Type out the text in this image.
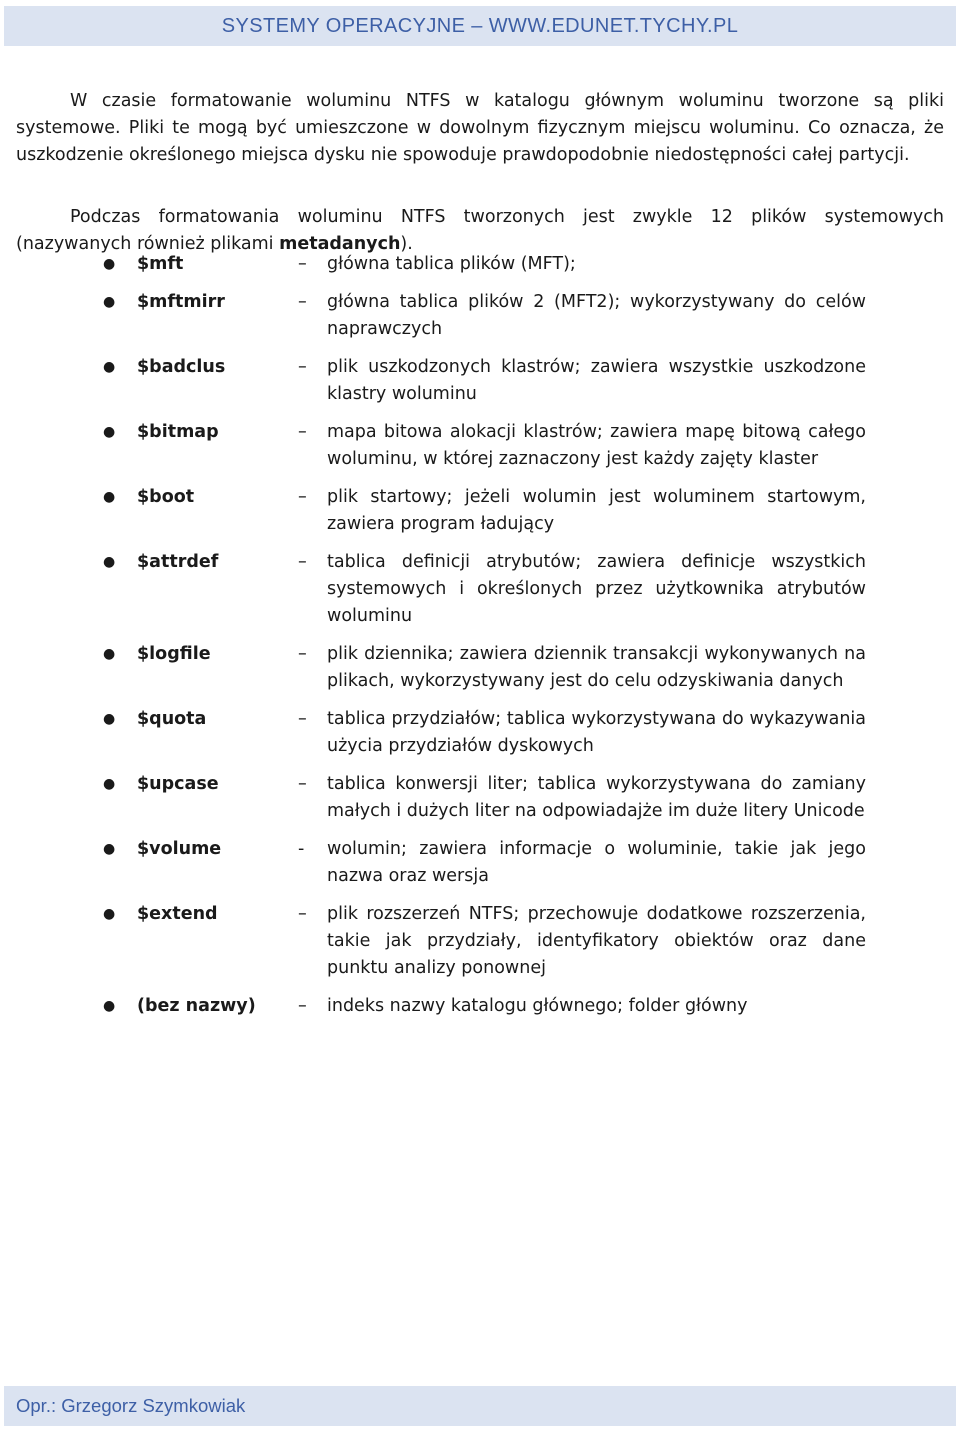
SYSTEMY OPERACYJNE – WWW.EDUNET.TYCHY.PL

W czasie formatowanie woluminu NTFS w katalogu głównym woluminu tworzone są pliki systemowe. Pliki te mogą być umieszczone w dowolnym fizycznym miejscu woluminu. Co oznacza, że uszkodzenie określonego miejsca dysku nie spowoduje prawdopodobnie niedostępności całej partycji.

Podczas formatowania woluminu NTFS tworzonych jest zwykle 12 plików systemowych (nazywanych również plikami metadanych).

● $mft	– główna tablica plików (MFT);
● $mftmirr	– główna tablica plików 2 (MFT2); wykorzystywany do celów naprawczych
● $badclus	– plik uszkodzonych klastrów; zawiera wszystkie uszkodzone klastry woluminu
● $bitmap	– mapa bitowa alokacji klastrów; zawiera mapę bitową całego woluminu, w której zaznaczony jest każdy zajęty klaster
● $boot	– plik startowy; jeżeli wolumin jest woluminem startowym, zawiera program ładujący
● $attrdef	– tablica definicji atrybutów; zawiera definicje wszystkich systemowych i określonych przez użytkownika atrybutów woluminu
● $logfile	– plik dziennika; zawiera dziennik transakcji wykonywanych na plikach, wykorzystywany jest do celu odzyskiwania danych
● $quota	– tablica przydziałów; tablica wykorzystywana do wykazywania użycia przydziałów dyskowych
● $upcase	– tablica konwersji liter; tablica wykorzystywana do zamiany małych i dużych liter na odpowiadajże im duże litery Unicode
● $volume	- wolumin; zawiera informacje o woluminie, takie jak jego nazwa oraz wersja
● $extend	– plik rozszerzeń NTFS; przechowuje dodatkowe rozszerzenia, takie jak przydziały, identyfikatory obiektów oraz dane punktu analizy ponownej
● (bez nazwy) – indeks nazwy katalogu głównego; folder główny
Opr.: Grzegorz Szymkowiak
